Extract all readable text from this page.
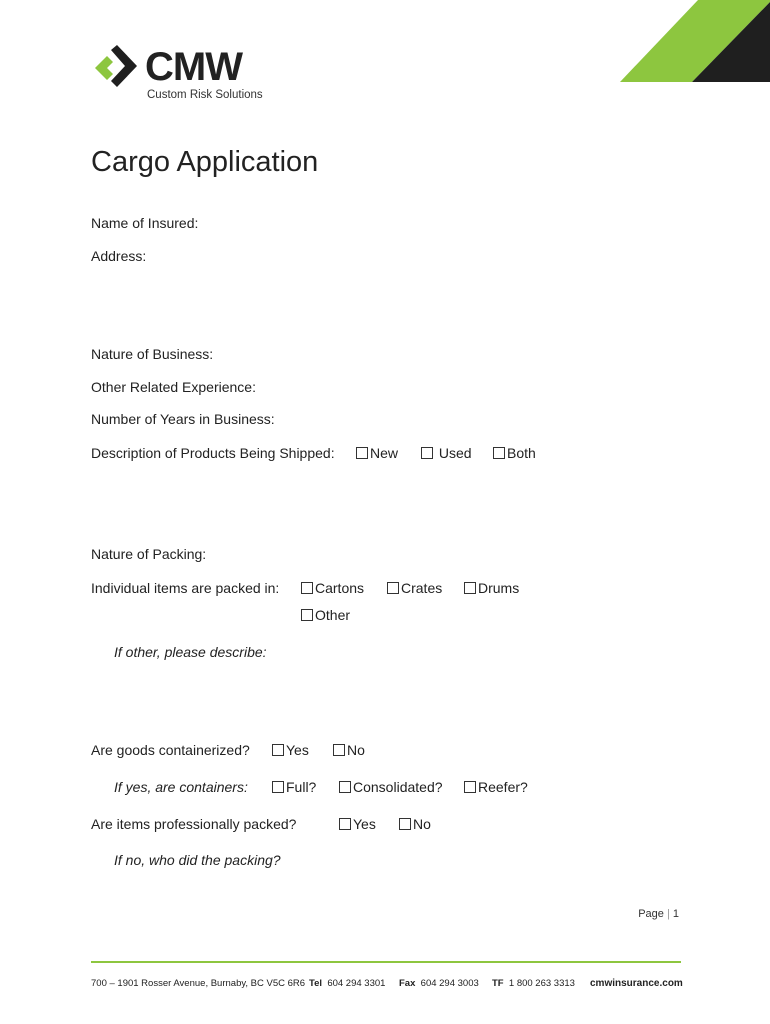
CMW
Custom Risk Solutions
Cargo Application
Name of Insured:
Address:
Nature of Business:
Other Related Experience:
Number of Years in Business:
Description of Products Being Shipped:	New	Used	Both
Nature of Packing:
Individual items are packed in:	Cartons	Crates	Drums
Other
If other, please describe:
Are goods containerized?	Yes	No
If yes, are containers:	Full?	Consolidated?	Reefer?
Are items professionally packed?	Yes	No
If no, who did the packing?
Page | 1
700 – 1901 Rosser Avenue, Burnaby, BC V5C 6R6 Tel 604 294 3301 Fax 604 294 3003 TF 1 800 263 3313 cmwinsurance.com
